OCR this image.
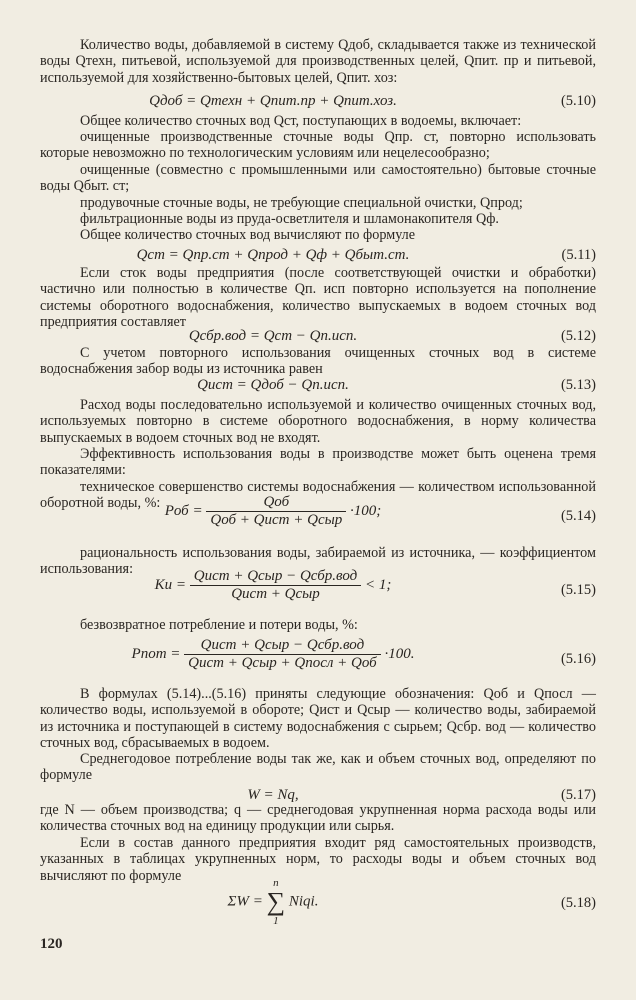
Количество воды, добавляемой в систему Qдоб, складывается также из технической воды Qтехн, питьевой, используемой для производственных целей, Qпит. пр и питьевой, используемой для хозяйственно-бытовых целей, Qпит. хоз:

Qдоб = Qтехн + Qпит.пр + Qпит.хоз.	(5.10)

Общее количество сточных вод Qст, поступающих в водоемы, включает:

очищенные производственные сточные воды Qпр. ст, повторно использовать которые невозможно по технологическим условиям или нецелесообразно;

очищенные (совместно с промышленными или самостоятельно) бытовые сточные воды Qбыт. ст;

продувочные сточные воды, не требующие специальной очистки, Qпрод;

фильтрационные воды из пруда-осветлителя и шламонакопителя Qф.

Общее количество сточных вод вычисляют по формуле

Qст = Qпр.ст + Qпрод + Qф + Qбыт.ст.	(5.11)

Если сток воды предприятия (после соответствующей очистки и обработки) частично или полностью в количестве Qп. исп повторно используется на пополнение системы оборотного водоснабжения, количество выпускаемых в водоем сточных вод предприятия составляет

Qсбр.вод = Qст − Qп.исп.	(5.12)

С учетом повторного использования очищенных сточных вод в системе водоснабжения забор воды из источника равен

Qист = Qдоб − Qп.исп.	(5.13)

Расход воды последовательно используемой и количество очищенных сточных вод, используемых повторно в системе оборотного водоснабжения, в норму количества выпускаемых в водоем сточных вод не входят.

Эффективность использования воды в производстве может быть оценена тремя показателями:

техническое совершенство системы водоснабжения — количеством использованной оборотной воды, %: Pоб = $\frac{\text{Qоб}}{\text{Qоб + Qист + Qсыр}} \cdot 100$;	(5.14)

рациональность использования воды, забираемой из источника, — коэффициентом использования:

Kи = $\frac{\text{Qист + Qсыр − Qсбр.вод}}{\text{Qист + Qсыр}} < 1$;	(5.15)

безвозвратное потребление и потери воды, %:

Pпот = $\frac{\text{Qист + Qсыр − Qсбр.вод}}{\text{Qист + Qсыр + Qпосл + Qоб}} \cdot 100$.	(5.16)

В формулах (5.14)...(5.16) приняты следующие обозначения: Qоб и Qпосл — количество воды, используемой в обороте; Qист и Qсыр — количество воды, забираемой из источника и поступающей в систему водоснабжения с сырьем; Qсбр. вод — количество сточных вод, сбрасываемых в водоем.

Среднегодовое потребление воды так же, как и объем сточных вод, определяют по формуле

W = Nq,	(5.17)

где N — объем производства; q — среднегодовая укрупненная норма расхода воды или количества сточных вод на единицу продукции или сырья.

Если в состав данного предприятия входит ряд самостоятельных производств, указанных в таблицах укрупненных норм, то расходы воды и объем сточных вод вычисляют по формуле

ΣW =
n
∑
1
Niqi.	(5.18)
120
